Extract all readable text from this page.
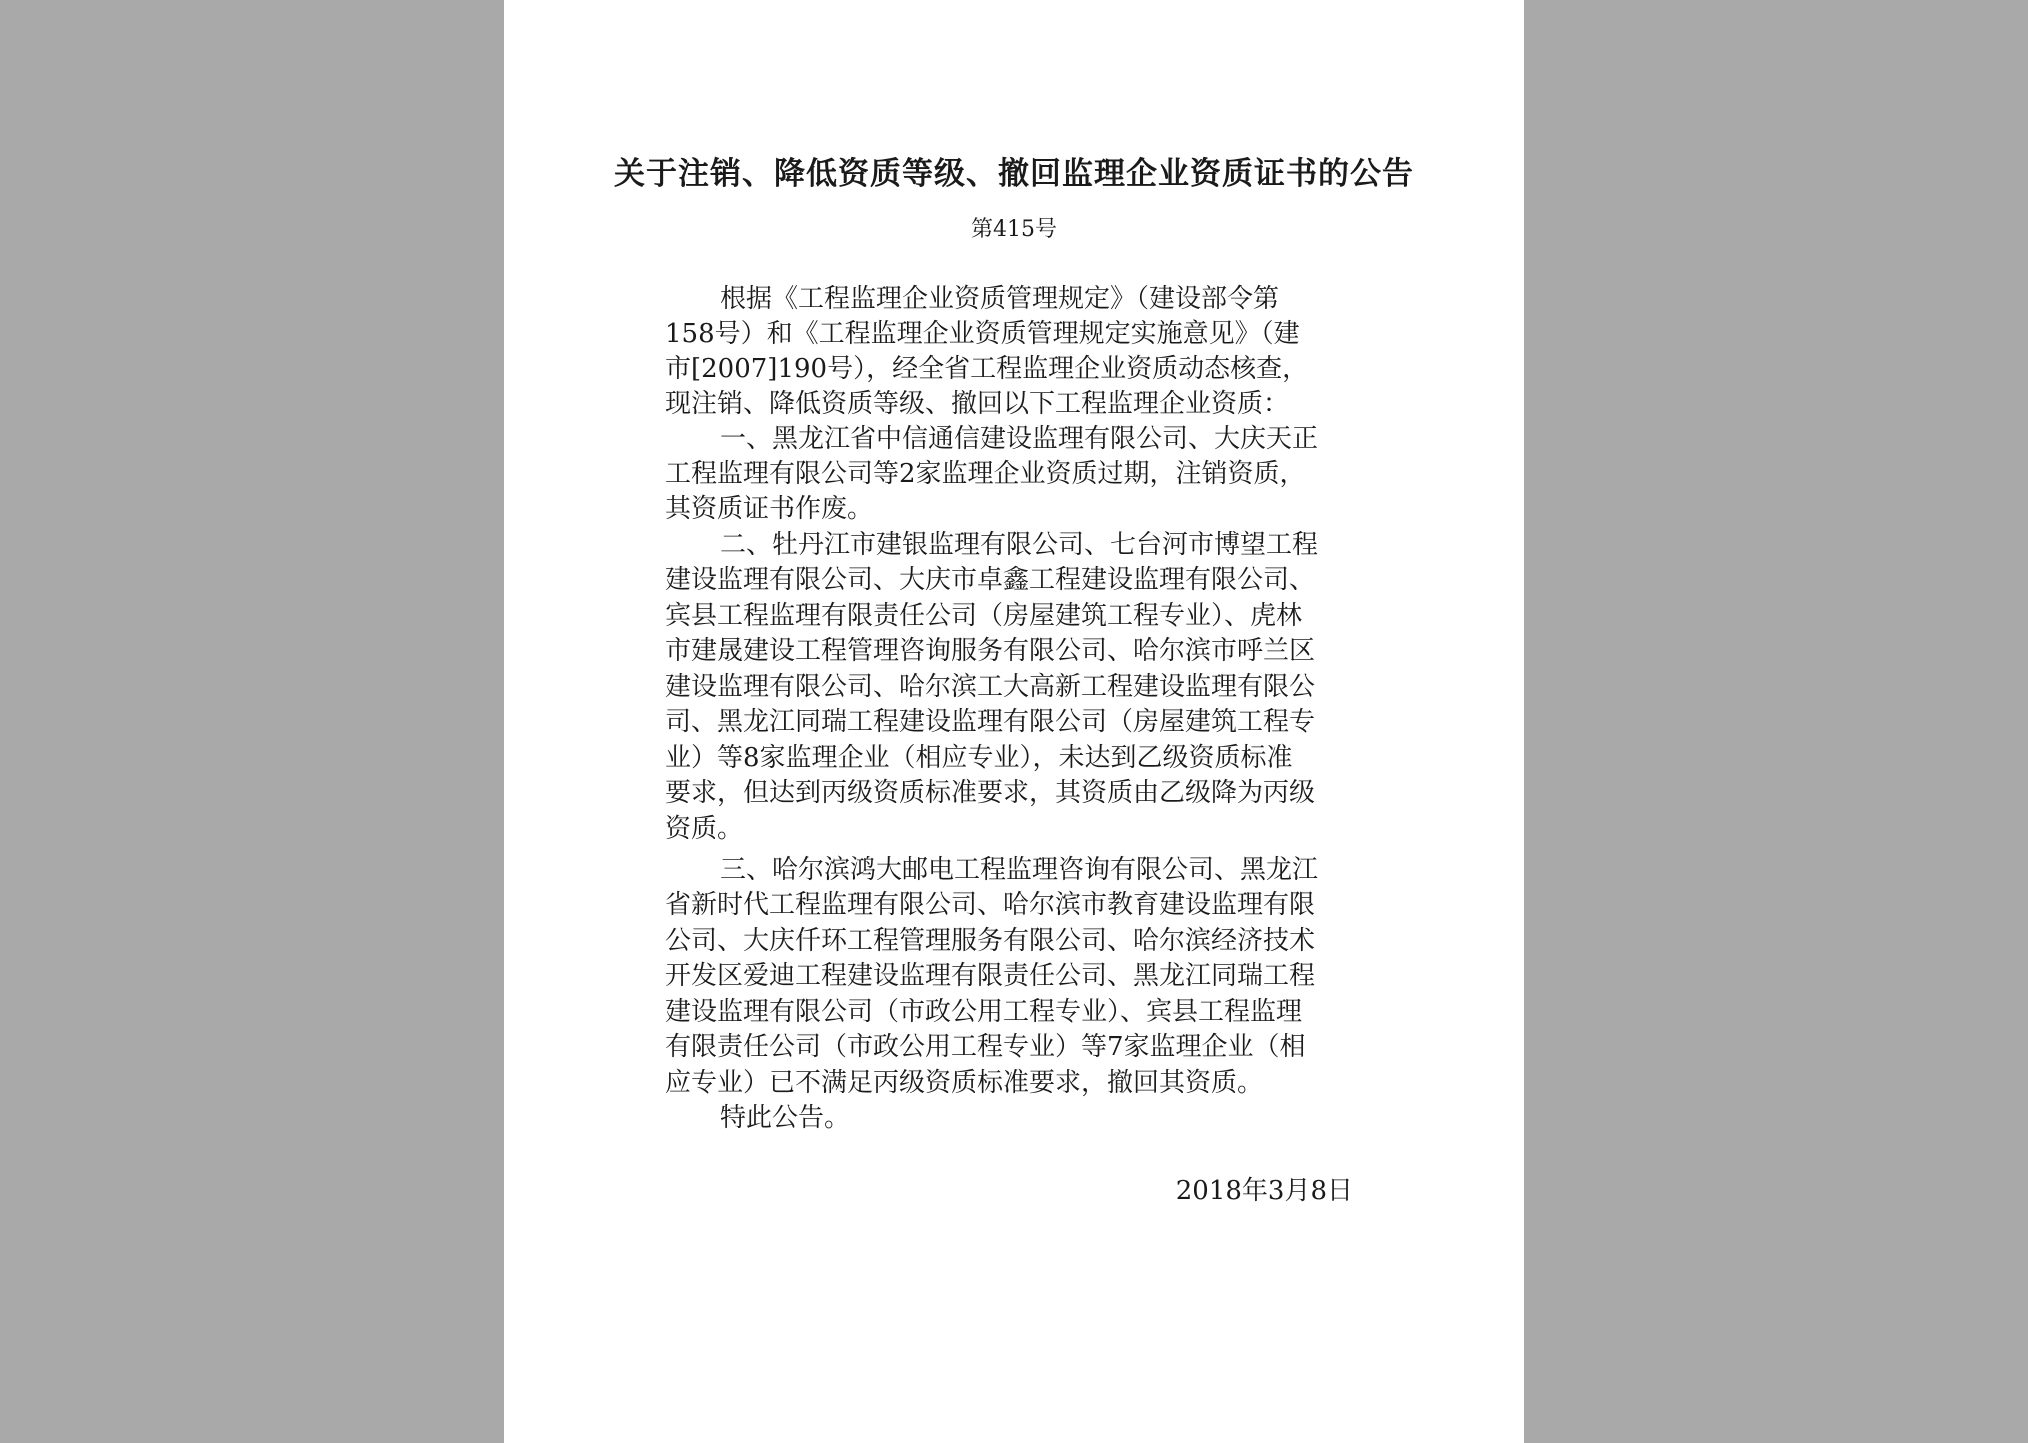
关于注销、降低资质等级、撤回监理企业资质证书的公告
第415号
根据《工程监理企业资质管理规定》（建设部令第
158号）和《工程监理企业资质管理规定实施意见》（建
市[2007]190号），经全省工程监理企业资质动态核查，
现注销、降低资质等级、撤回以下工程监理企业资质：
一、黑龙江省中信通信建设监理有限公司、大庆天正
工程监理有限公司等2家监理企业资质过期，注销资质，
其资质证书作废。
二、牡丹江市建银监理有限公司、七台河市博望工程
建设监理有限公司、大庆市卓鑫工程建设监理有限公司、
宾县工程监理有限责任公司（房屋建筑工程专业）、虎林
市建晟建设工程管理咨询服务有限公司、哈尔滨市呼兰区
建设监理有限公司、哈尔滨工大高新工程建设监理有限公
司、黑龙江同瑞工程建设监理有限公司（房屋建筑工程专
业）等8家监理企业（相应专业），未达到乙级资质标准
要求，但达到丙级资质标准要求，其资质由乙级降为丙级
资质。
三、哈尔滨鸿大邮电工程监理咨询有限公司、黑龙江
省新时代工程监理有限公司、哈尔滨市教育建设监理有限
公司、大庆仟环工程管理服务有限公司、哈尔滨经济技术
开发区爱迪工程建设监理有限责任公司、黑龙江同瑞工程
建设监理有限公司（市政公用工程专业）、宾县工程监理
有限责任公司（市政公用工程专业）等7家监理企业（相
应专业）已不满足丙级资质标准要求，撤回其资质。
特此公告。
2018年3月8日
